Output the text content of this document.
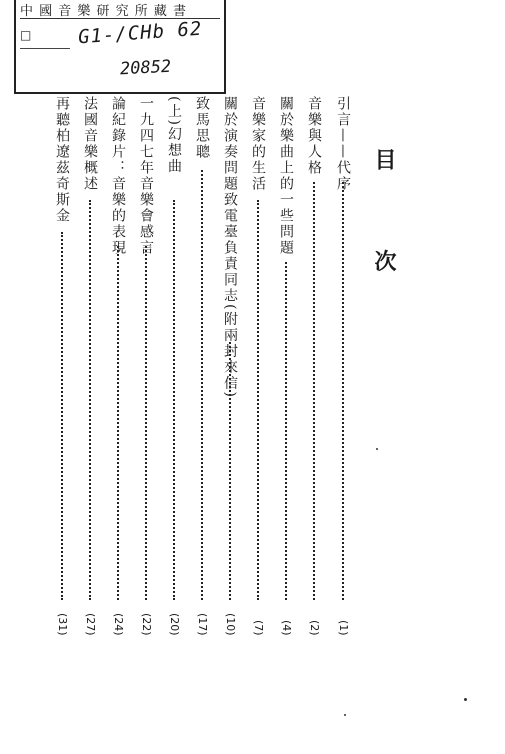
中 國 音 樂 研 究 所 藏 書
□ G1-/CHb 62
20852
目 次
引言——代序
(1)
音樂與人格
(2)
關於樂曲上的一些問題
(4)
音樂家的生活
(7)
關於演奏問題致電臺負責同志(附兩封來信)
(10)
致馬思聰
(17)
(上)幻想曲
(20)
一九四七年音樂會感言
(22)
論紀錄片：音樂的表現
(24)
法國音樂概述
(27)
再聽柏遼茲奇斯金
(31)
